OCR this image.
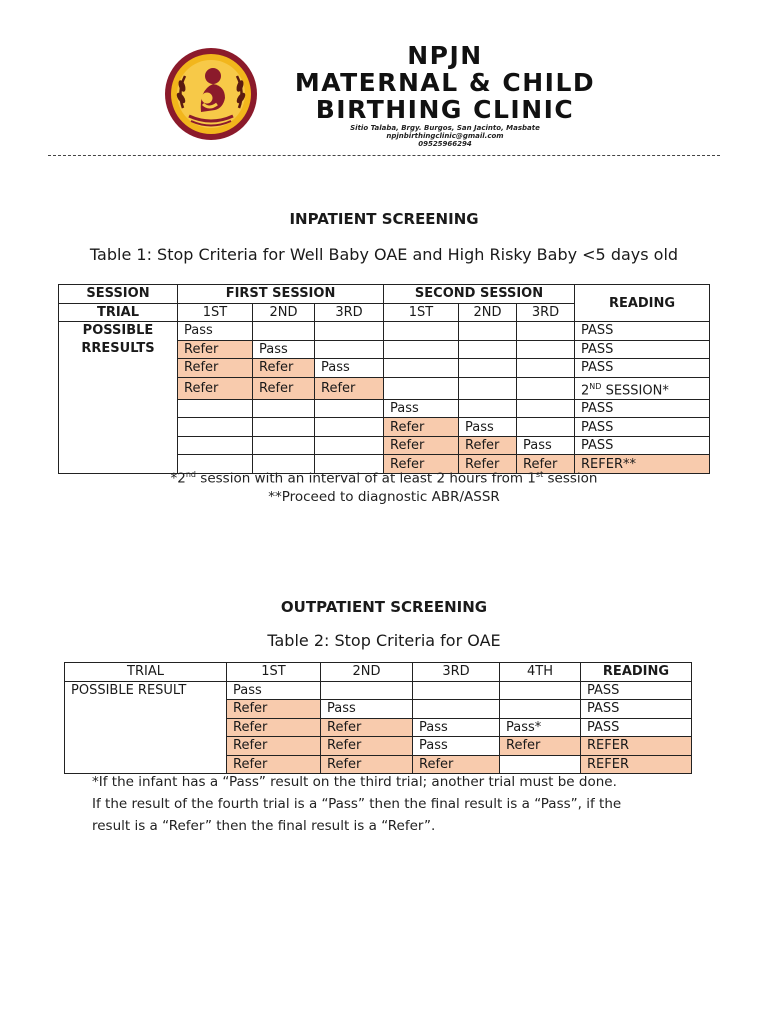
NPJN
MATERNAL & CHILD
BIRTHING CLINIC
Sitio Talaba, Brgy. Burgos, San Jacinto, Masbate
npjnbirthingclinic@gmail.com
09525966294
INPATIENT SCREENING
Table 1: Stop Criteria for Well Baby OAE and High Risky Baby <5 days old
SESSION	FIRST SESSION			SECOND SESSION			READING
TRIAL	1ST	2ND	3RD	1ST	2ND	3RD	
POSSIBLE
RRESULTS	Pass						PASS
	Refer	Pass					PASS
	Refer	Refer	Pass				PASS
	Refer	Refer	Refer				2ND SESSION*
				Pass			PASS
				Refer	Pass		PASS
				Refer	Refer	Pass	PASS
				Refer	Refer	Refer	REFER**
*2nd session with an interval of at least 2 hours from 1st session
**Proceed to diagnostic ABR/ASSR
OUTPATIENT SCREENING
Table 2: Stop Criteria for OAE
TRIAL	1ST	2ND	3RD	4TH	READING
POSSIBLE RESULT	Pass				PASS
	Refer	Pass			PASS
	Refer	Refer	Pass	Pass*	PASS
	Refer	Refer	Pass	Refer	REFER
	Refer	Refer	Refer		REFER
*If the infant has a “Pass” result on the third trial; another trial must be done.
If the result of the fourth trial is a “Pass” then the final result is a “Pass”, if the
result is a “Refer” then the final result is a “Refer”.
